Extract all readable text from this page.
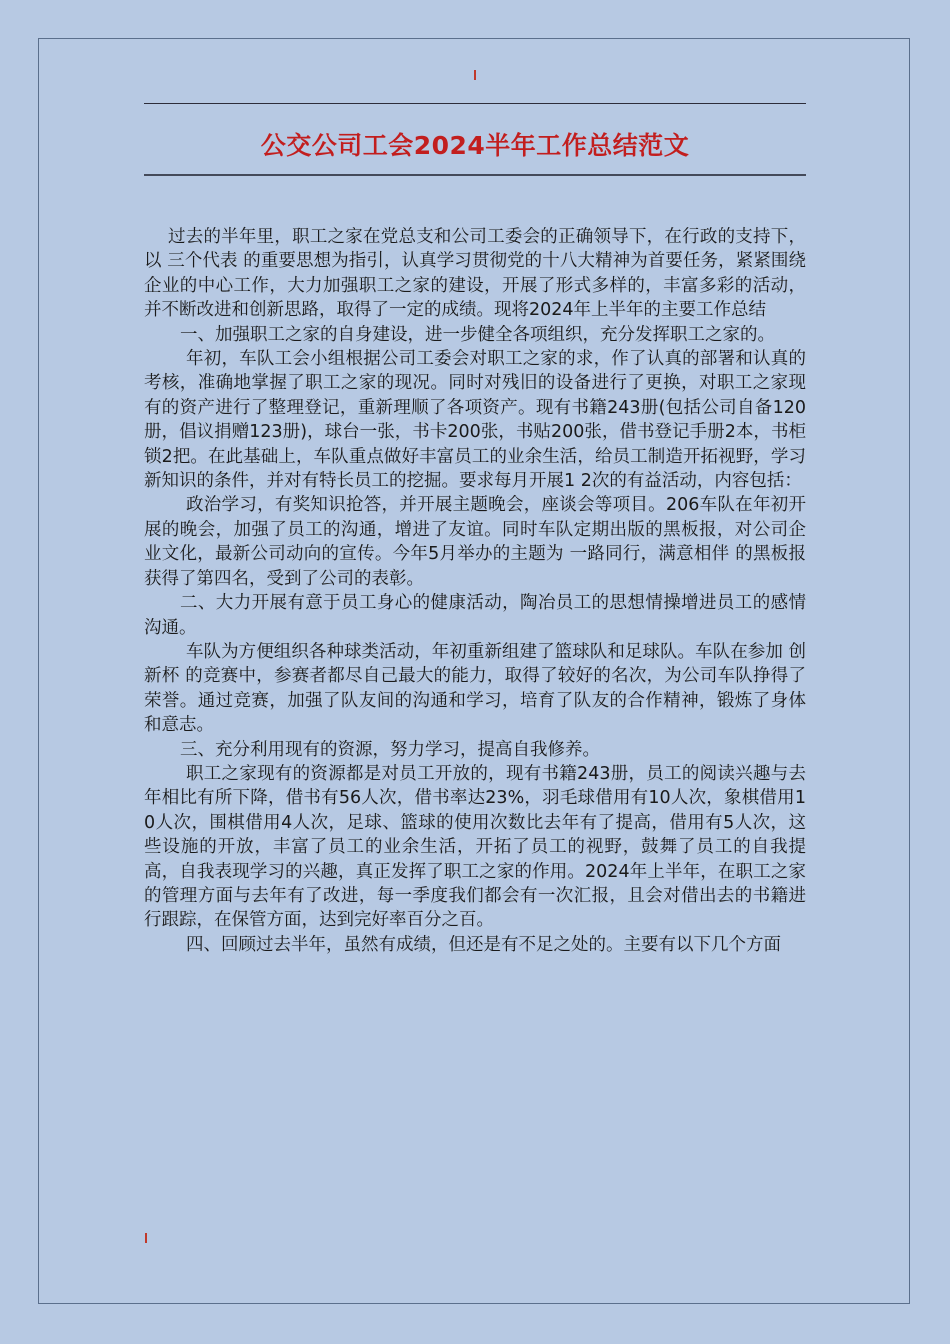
公交公司工会2024半年工作总结范文

过去的半年里，职工之家在党总支和公司工委会的正确领导下，在行政的支持下，以 三个代表 的重要思想为指引，认真学习贯彻党的十八大精神为首要任务，紧紧围绕企业的中心工作，大力加强职工之家的建设，开展了形式多样的，丰富多彩的活动，并不断改进和创新思路，取得了一定的成绩。现将2024年上半年的主要工作总结

一、加强职工之家的自身建设，进一步健全各项组织，充分发挥职工之家的。

年初，车队工会小组根据公司工委会对职工之家的求，作了认真的部署和认真的考核，准确地掌握了职工之家的现况。同时对残旧的设备进行了更换，对职工之家现有的资产进行了整理登记，重新理顺了各项资产。现有书籍243册(包括公司自备120册，倡议捐赠123册)，球台一张，书卡200张，书贴200张，借书登记手册2本，书柜锁2把。在此基础上，车队重点做好丰富员工的业余生活，给员工制造开拓视野，学习新知识的条件，并对有特长员工的挖掘。要求每月开展1 2次的有益活动，内容包括：

政治学习，有奖知识抢答，并开展主题晚会，座谈会等项目。206车队在年初开展的晚会，加强了员工的沟通，增进了友谊。同时车队定期出版的黑板报，对公司企业文化，最新公司动向的宣传。今年5月举办的主题为 一路同行，满意相伴 的黑板报获得了第四名，受到了公司的表彰。

二、大力开展有意于员工身心的健康活动，陶冶员工的思想情操增进员工的感情沟通。

车队为方便组织各种球类活动，年初重新组建了篮球队和足球队。车队在参加 创新杯 的竞赛中，参赛者都尽自己最大的能力，取得了较好的名次，为公司车队挣得了荣誉。通过竞赛，加强了队友间的沟通和学习，培育了队友的合作精神，锻炼了身体和意志。

三、充分利用现有的资源，努力学习，提高自我修养。

职工之家现有的资源都是对员工开放的，现有书籍243册，员工的阅读兴趣与去年相比有所下降，借书有56人次，借书率达23%，羽毛球借用有10人次，象棋借用10人次，围棋借用4人次，足球、篮球的使用次数比去年有了提高，借用有5人次，这些设施的开放，丰富了员工的业余生活，开拓了员工的视野，鼓舞了员工的自我提高，自我表现学习的兴趣，真正发挥了职工之家的作用。2024年上半年，在职工之家的管理方面与去年有了改进，每一季度我们都会有一次汇报，且会对借出去的书籍进行跟踪，在保管方面，达到完好率百分之百。

四、回顾过去半年，虽然有成绩，但还是有不足之处的。主要有以下几个方面
